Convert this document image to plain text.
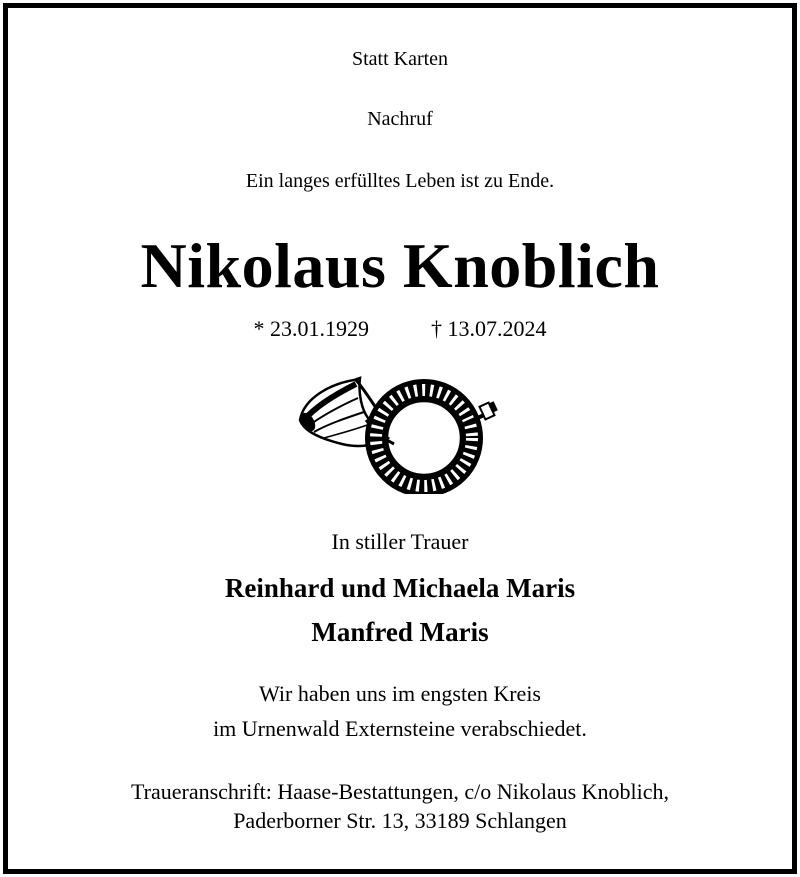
Statt Karten

Nachruf

Ein langes erfülltes Leben ist zu Ende.

Nikolaus Knoblich

* 23.01.1929	† 13.07.2024

In stiller Trauer

Reinhard und Michaela Maris

Manfred Maris

Wir haben uns im engsten Kreis

im Urnenwald Externsteine verabschiedet.

Traueranschrift: Haase-Bestattungen, c/o Nikolaus Knoblich,

Paderborner Str. 13, 33189 Schlangen
